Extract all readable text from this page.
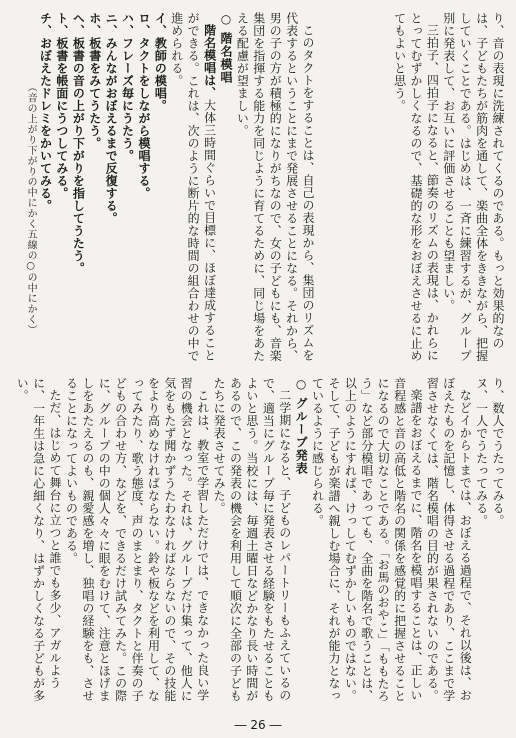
り、音の表現に洗練されてくるのである。もっと効果的なのは、子どもたちが筋肉を通して、楽曲全体をききながら、把握していくことである。はじめは、一斉に練習するが、グループ別に発表して、お互いに評価させることも望ましい。

三拍子、四拍子になると、節奏のリズムの表現は、かれらにとってむずかしくなるので、基礎的な形をおぼえさせるに止めてもよいと思う。

このタクトをすることは、自己の表現から、集団のリズムを代表するということにまで発展させることになる。それから、男の子の方が積極的になりがちなので、女の子どもにも、音楽集団を指揮する能力を同じように育てるために、同じ場をあたえる配慮が望ましい。

○ 階名模唱

階名模唱は、大体三時間ぐらいで目標に、ほぼ達成することができる。これは、次のように断片的な時間の組合わせの中で進められる。

イ、教師の模唱。

ロ、タクトをしながら模唱する。

ハ、フレーズ毎にうたう。

ニ、みんながおぼえるまで反復する。

ホ、板書をみてうたう。

ヘ、板書の音の上がり下がりを指してうたう。

ト、板書を帳面にうつしてみる。

チ、おぼえたドレミをかいてみる。

（音の上がり下がりの中にかく五線の○の中にかく）

り、数人でうたってみる。

ヌ、一人でうたってみる。

などイからトまでは、おぼえる過程で、それ以後は、おぼえたものを記憶し、体得させる過程であり、ここまで学習させなくては、階名模唱の目的が果されないのである。

楽譜をおぼえるまでに、階名を模唱することは、正しい音程感と音の高低と階名の関係を感覚的に把握させることになるので大切なことである。「お馬のおやこ」「ももたろう」など部分模唱であっても、全曲を階名で歌うことは、以上のようにすれば、けっしてむずかしいものではない。そして、子どもが楽譜へ親しむ場合に、それが能力となっているように感じられる。

○ グループ発表

二学期になると、子どものレパートリーもふえているので、適当にグループ毎に発表させる経験をもたせることもよいと思う。当校には、毎週土曜日などかなり長い時間があるので、この発表の機会を利用して順次に全部の子どもたちに発表させてみた。

これは、教室で学習しただけでは、できなかった良い学習の機会となった。それは、グループだけ集って、他人に気をもたず聞かずうたわなければならないので、その技能をより高めなければならない。鈴や板などを利用して、なってみたり、歌う態度、声のまとまり、タクトと伴奏の子どもの合わせ方、などを、できるだけ試みてみた。この際に、グループの中の個人々々に眼をむけて、注意とほげましをあたえるのも、親愛感を増し、独唱の経験をも、させることになってよいものである。

ただ、はじめて舞台に立つと誰でも多少、アガルように、一年生は急に心細くなり、はずかしくなる子どもが多い。

― 26 ―
